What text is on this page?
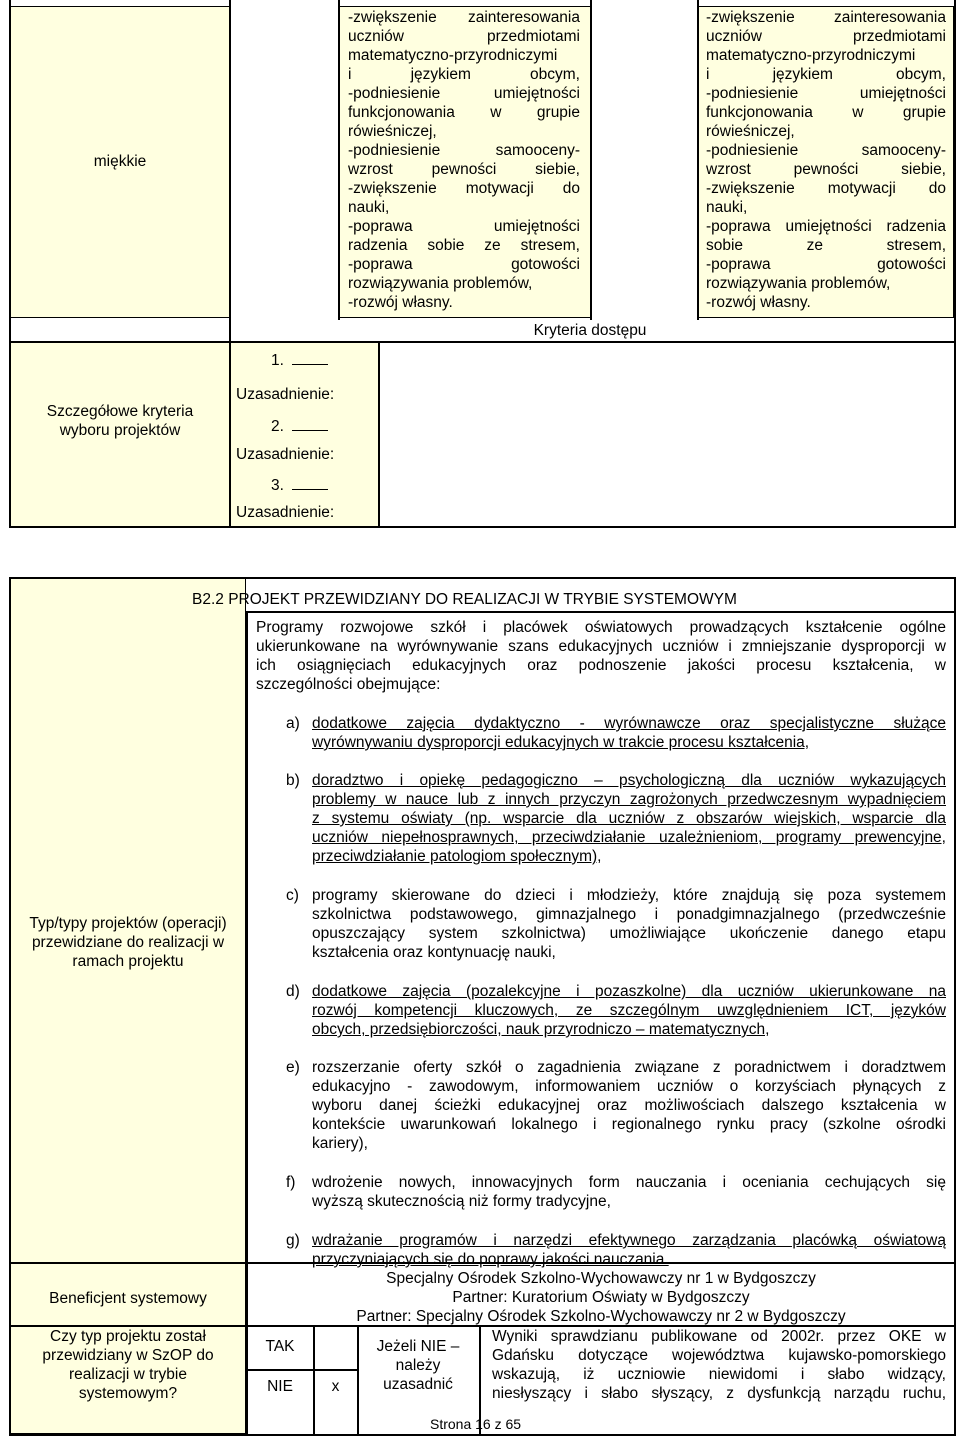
miękkie
-zwiększenie zainteresowania
uczniów przedmiotami
matematyczno-przyrodniczymi
i językiem obcym,
-podniesienie umiejętności
funkcjonowania w grupie
rówieśniczej,
-podniesienie samooceny-
wzrost pewności siebie,
-zwiększenie motywacji do
nauki,
-poprawa umiejętności
radzenia sobie ze stresem,
-poprawa gotowości
rozwiązywania problemów,
-rozwój własny.
-zwiększenie zainteresowania
uczniów przedmiotami
matematyczno-przyrodniczymi
i językiem obcym,
-podniesienie umiejętności
funkcjonowania w grupie
rówieśniczej,
-podniesienie samooceny-
wzrost pewności siebie,
-zwiększenie motywacji do
nauki,
-poprawa umiejętności radzenia
sobie ze stresem,
-poprawa gotowości
rozwiązywania problemów,
-rozwój własny.
Kryteria dostępu
Szczegółowe kryteria wyboru projektów
1.
Uzasadnienie:
2.
Uzasadnienie:
3.
Uzasadnienie:
B2.2 PROJEKT PRZEWIDZIANY DO REALIZACJI W TRYBIE SYSTEMOWYM
Typ/typy projektów (operacji) przewidziane do realizacji w ramach projektu
Programy rozwojowe szkół i placówek oświatowych prowadzących kształcenie ogólne
ukierunkowane na wyrównywanie szans edukacyjnych uczniów i zmniejszanie dysproporcji w
ich osiągnięciach edukacyjnych oraz podnoszenie jakości procesu kształcenia, w
szczególności obejmujące:
a) dodatkowe zajęcia dydaktyczno - wyrównawcze oraz specjalistyczne służące
wyrównywaniu dysproporcji edukacyjnych w trakcie procesu kształcenia,
b) doradztwo i opiekę pedagogiczno – psychologiczną dla uczniów wykazujących
problemy w nauce lub z innych przyczyn zagrożonych przedwczesnym wypadnięciem
z systemu oświaty (np. wsparcie dla uczniów z obszarów wiejskich, wsparcie dla
uczniów niepełnosprawnych, przeciwdziałanie uzależnieniom, programy prewencyjne,
przeciwdziałanie patologiom społecznym),
c) programy skierowane do dzieci i młodzieży, które znajdują się poza systemem
szkolnictwa podstawowego, gimnazjalnego i ponadgimnazjalnego (przedwcześnie
opuszczający system szkolnictwa) umożliwiające ukończenie danego etapu
kształcenia oraz kontynuację nauki,
d) dodatkowe zajęcia (pozalekcyjne i pozaszkolne) dla uczniów ukierunkowane na
rozwój kompetencji kluczowych, ze szczególnym uwzględnieniem ICT, języków
obcych, przedsiębiorczości, nauk przyrodniczo – matematycznych,
e) rozszerzanie oferty szkół o zagadnienia związane z poradnictwem i doradztwem
edukacyjno - zawodowym, informowaniem uczniów o korzyściach płynących z
wyboru danej ścieżki edukacyjnej oraz możliwościach dalszego kształcenia w
kontekście uwarunkowań lokalnego i regionalnego rynku pracy (szkolne ośrodki
kariery),
f) wdrożenie nowych, innowacyjnych form nauczania i oceniania cechujących się
wyższą skutecznością niż formy tradycyjne,
g) wdrażanie programów i narzędzi efektywnego zarządzania placówką oświatową
przyczyniających się do poprawy jakości nauczania.
Beneficjent systemowy
Specjalny Ośrodek Szkolno-Wychowawczy nr 1 w Bydgoszczy
Partner: Kuratorium Oświaty w Bydgoszczy
Partner: Specjalny Ośrodek Szkolno-Wychowawczy nr 2 w Bydgoszczy
Czy typ projektu został przewidziany w SzOP do realizacji w trybie systemowym?
TAK
NIE	x
Jeżeli NIE – należy uzasadnić
Wyniki sprawdzianu publikowane od 2002r. przez OKE w
Gdańsku dotyczące województwa kujawsko-pomorskiego
wskazują, iż uczniowie niewidomi i słabo widzący,
niesłyszący i słabo słyszący, z dysfunkcją narządu ruchu,
Strona 16 z 65
